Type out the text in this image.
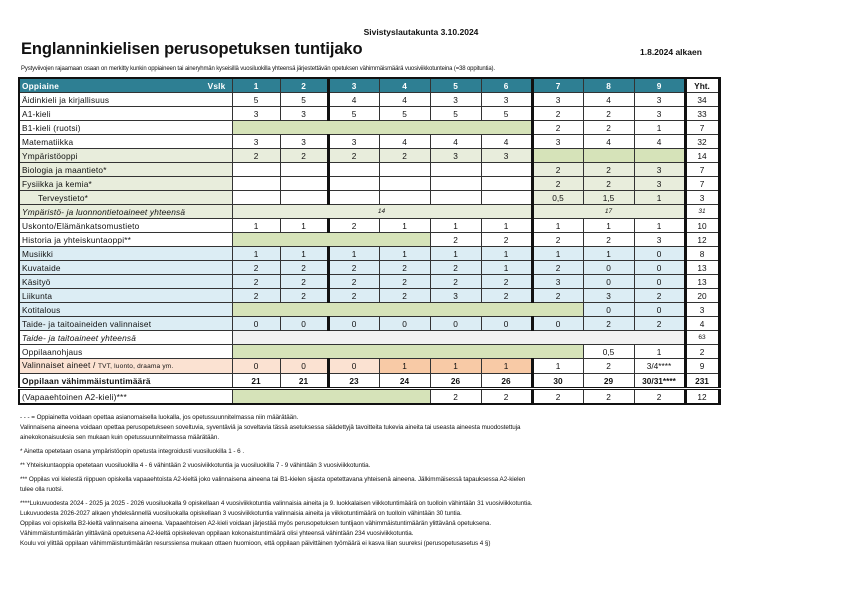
Sivistyslautakunta 3.10.2024
Englanninkielisen perusopetuksen tuntijako	1.8.2024 alkaen
Pystyviivojen rajaamaan osaan on merkitty kunkin oppiaineen tai aineryhmän kyseisillä vuosiluokilla yhteensä järjestettävän opetuksen vähimmäismäärä vuosiviikkotunteina (=38 oppituntia).
Oppiaine Vslk	1	2	3	4	5	6	7	8	9	Yht.
Äidinkieli ja kirjallisuus	5	5	4	4	3	3	3	4	3	34
A1-kieli	3	3	5	5	5	5	2	2	3	33
B1-kieli (ruotsi)							2	2	1	7
Matematiikka	3	3	3	4	4	4	3	4	4	32
Ympäristöoppi	2	2	2	2	3	3				14
Biologia ja maantieto*							2	2	3	7
Fysiikka ja kemia*							2	2	3	7
Terveystieto*							0,5	1,5	1	3
Ympäristö- ja luonnontietoaineet yhteensä	14						17			31
Uskonto/Elämänkatsomustieto	1	1	2	1	1	1	1	1	1	10
Historia ja yhteiskuntaoppi**					2	2	2	2	3	12
Musiikki	1	1	1	1	1	1	1	1	0	8
Kuvataide	2	2	2	2	2	1	2	0	0	13
Käsityö	2	2	2	2	2	2	3	0	0	13
Liikunta	2	2	2	2	3	2	2	3	2	20
Kotitalous								0	0	3
Taide- ja taitoaineiden valinnaiset	0	0	0	0	0	0	0	2	2	4
Taide- ja taitoaineet yhteensä										63
Oppilaanohjaus								0,5	1	2
Valinnaiset aineet / TVT, luonto, draama ym.	0	0	0	1	1	1	1	2	3/4****	9
Oppilaan vähimmäistuntimäärä	21	21	23	24	26	26	30	29	30/31****	231
(Vapaaehtoinen A2-kieli)***					2	2	2	2	2	12

- - - = Oppiainetta voidaan opettaa asianomaisella luokalla, jos opetussuunnitelmassa niin määrätään.

Valinnaisena aineena voidaan opettaa perusopetukseen soveltuvia, syventäviä ja soveltavia tässä asetuksessa säädettyjä tavoitteita tukevia aineita tai useasta aineesta muodostettuja

ainekokonaisuuksia sen mukaan kuin opetussuunnitelmassa määrätään.

* Ainetta opetetaan osana ympäristöopin opetusta integroidusti vuosiluokilla 1 - 6 .

** Yhteiskuntaoppia opetetaan vuosiluokilla 4 - 6 vähintään 2 vuosiviikkotuntia ja vuosiluokilla 7 - 9 vähintään 3 vuosiviikkotuntia.

*** Oppilas voi kielestä riippuen opiskella vapaaehtoista A2-kieltä joko valinnaisena aineena tai B1-kielen sijasta opetettavana yhteisenä aineena. Jälkimmäisessä tapauksessa A2-kielen

tulee olla ruotsi.

****Lukuvuodesta 2024 - 2025 ja 2025 - 2026 vuosiluokalla 9 opiskellaan 4 vuosiviikkotuntia valinnaisia aineita ja 9. luokkalaisen viikkotuntimäärä on tuolloin vähintään 31 vuosiviikkotuntia.

Lukuvuodesta 2026-2027 alkaen yhdeksännellä vuosiluokalla opiskellaan 3 vuosiviikkotuntia valinnaisia aineita ja viikkotuntimäärä on tuolloin vähintään 30 tuntia.

Oppilas voi opiskella B2-kieltä valinnaisena aineena. Vapaaehtoisen A2-kieli voidaan järjestää myös perusopetuksen tuntijaon vähimmäistuntimäärän ylittävänä opetuksena.

Vähimmäistuntimäärän ylittävänä opetuksena A2-kieltä opiskelevan oppilaan kokonaistuntimäärä olisi yhteensä vähintään 234 vuosiviikkotuntia.

Koulu voi ylittää oppilaan vähimmäistuntimäärän resurssiensa mukaan ottaen huomioon, että oppilaan päivittäinen työmäärä ei kasva liian suureksi (perusopetusasetus 4 §)
